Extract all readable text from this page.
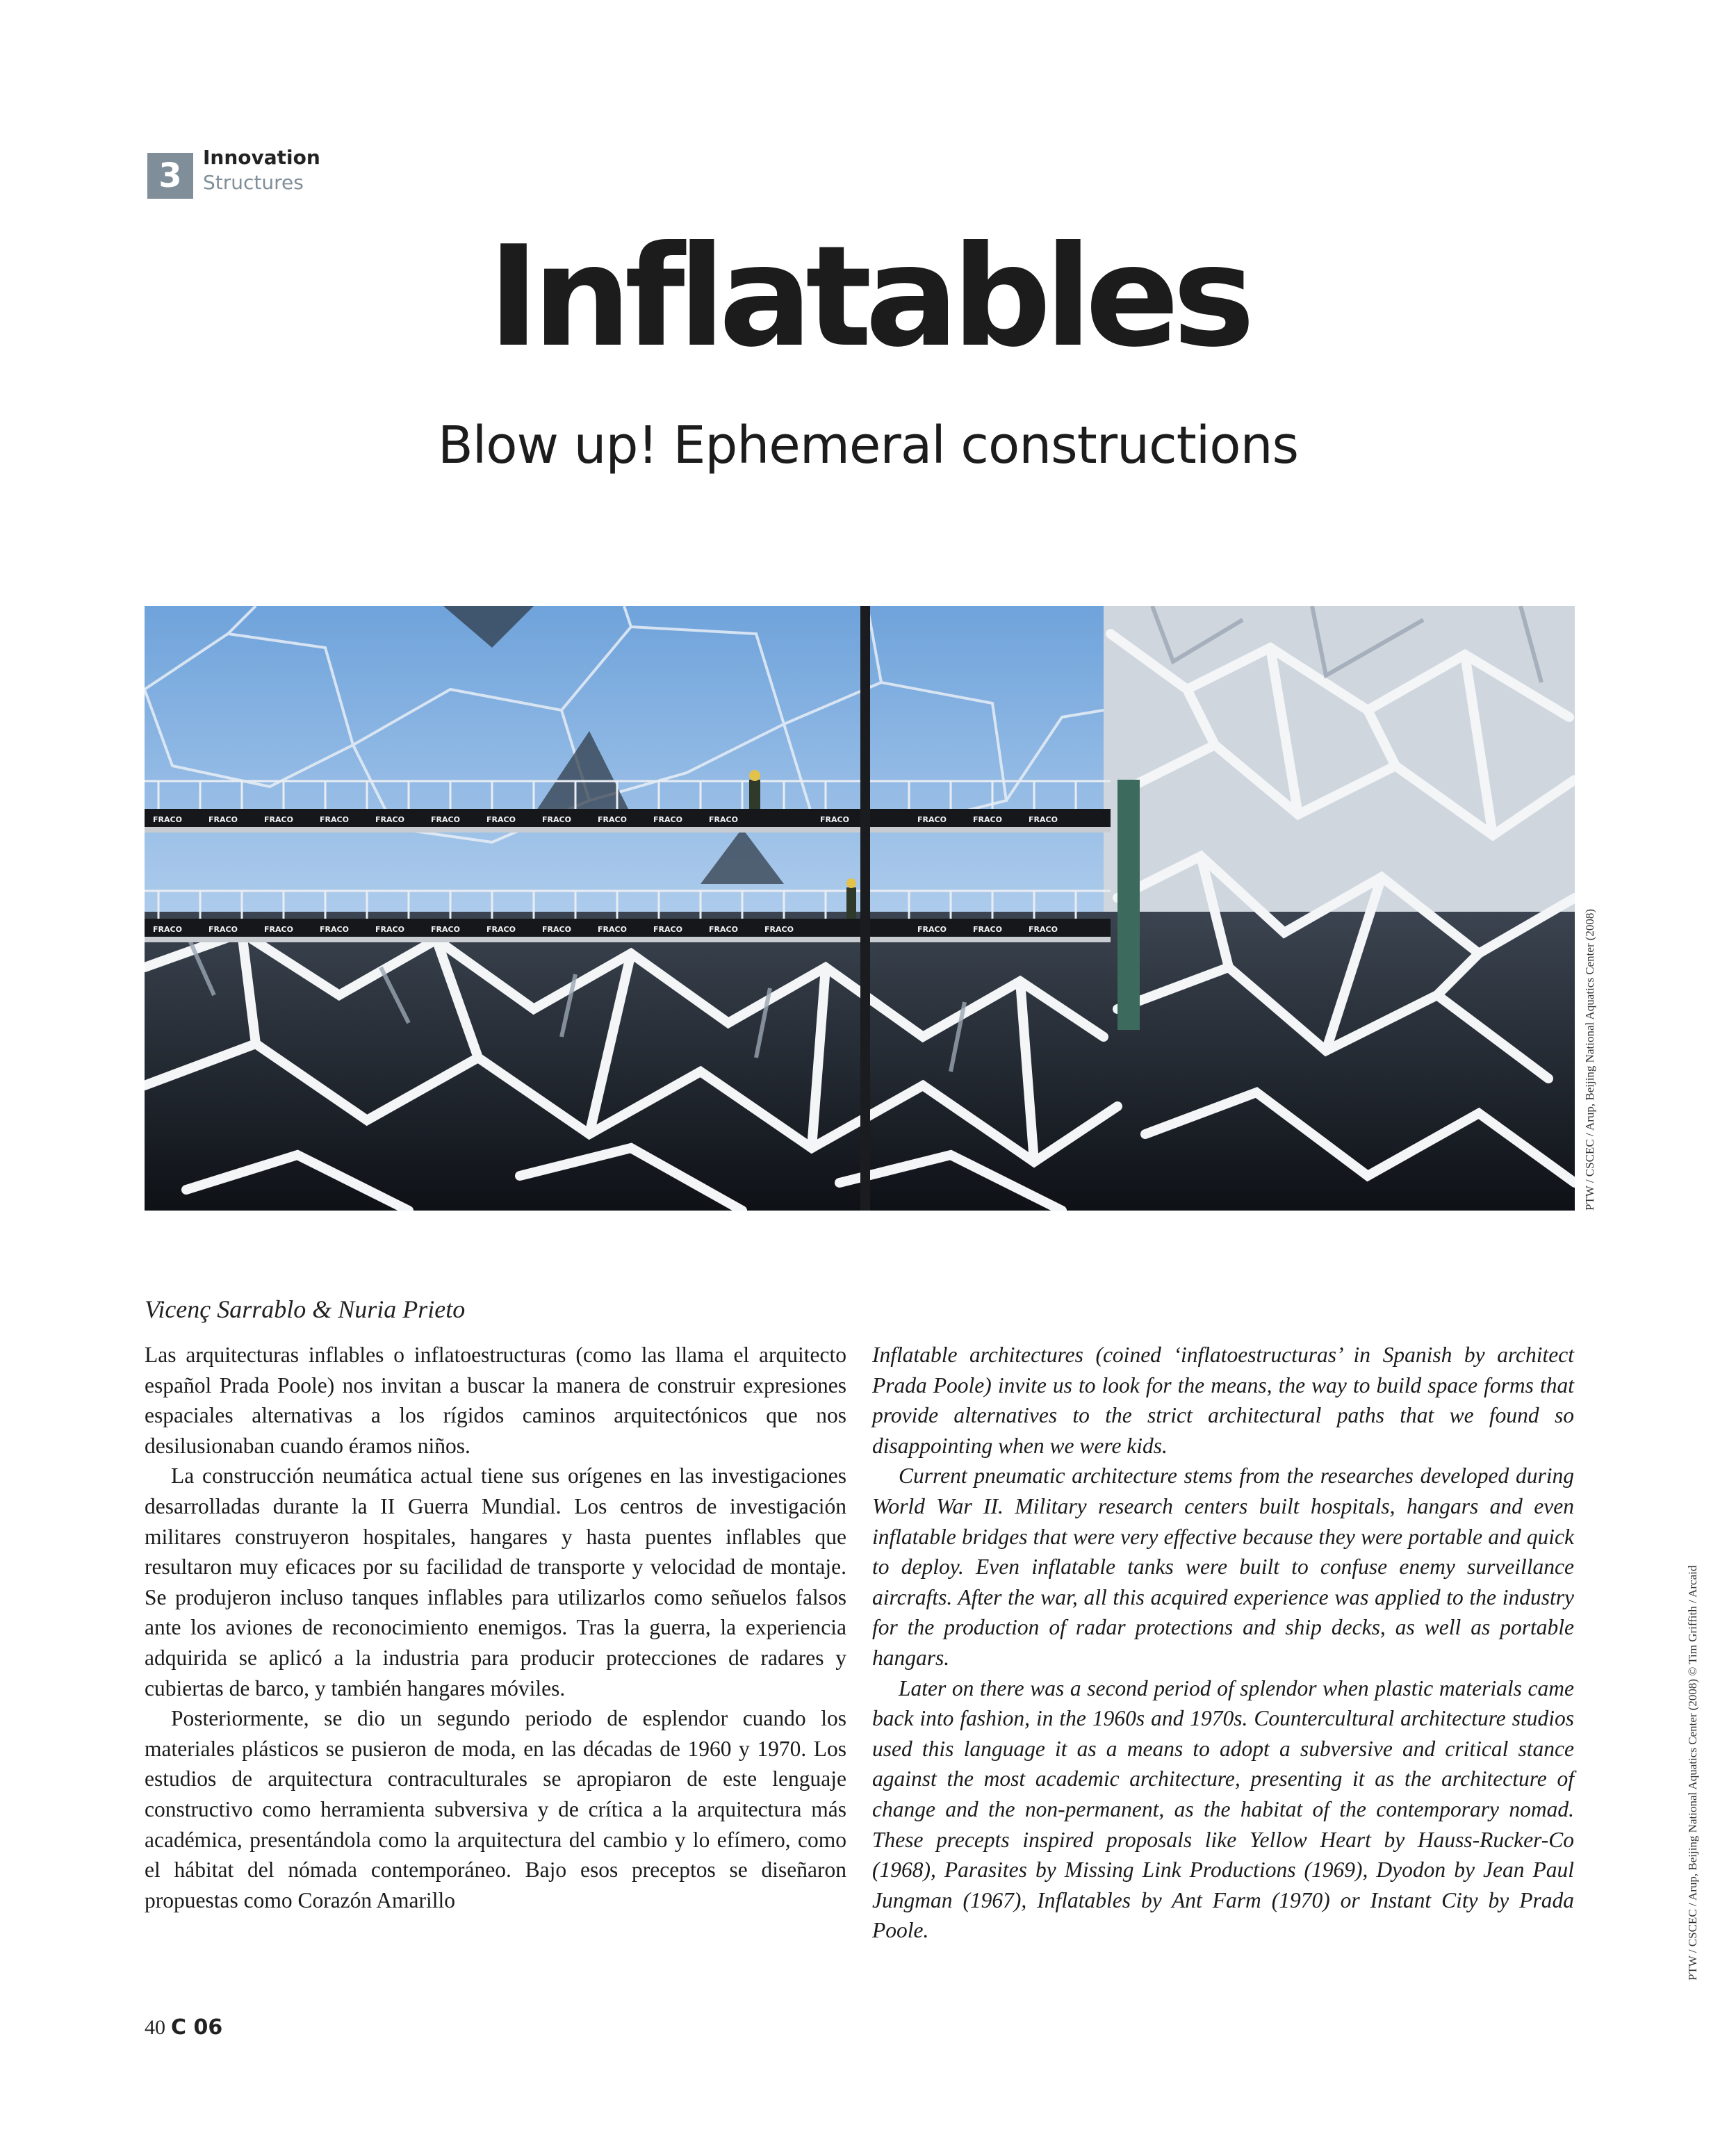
3	Innovation
Structures
Inflatables
Blow up! Ephemeral constructions
FRACO	FRACO	FRACO	FRACO	FRACO	FRACO	FRACO	FRACO	FRACO	FRACO	FRACO	FRACO	FRACO	FRACO	FRACO
FRACO	FRACO	FRACO	FRACO	FRACO	FRACO	FRACO	FRACO	FRACO	FRACO	FRACO	FRACO	FRACO	FRACO	FRACO	PTW / CSCEC / Arup, Beijing National Aquatics Center (2008)
PTW / CSCEC / Arup, Beijing National Aquatics Center (2008) © Tim Griffith / Arcaid
Vicenç Sarrablo & Nuria Prieto

Las arquitecturas inflables o inflatoestructuras (como las llama el arquitecto español Prada Poole) nos invitan a buscar la manera de construir expresiones espaciales alternativas a los rígidos caminos arquitectónicos que nos desilusionaban cuando éramos niños.

La construcción neumática actual tiene sus orígenes en las investigaciones desarrolladas durante la II Guerra Mundial. Los centros de investigación militares construyeron hospitales, hangares y hasta puentes inflables que resultaron muy eficaces por su facilidad de transporte y velocidad de montaje. Se produjeron incluso tanques inflables para utilizarlos como señuelos falsos ante los aviones de reconocimiento enemigos. Tras la guerra, la experiencia adquirida se aplicó a la industria para producir protecciones de radares y cubiertas de barco, y también hangares móviles.

Posteriormente, se dio un segundo periodo de esplendor cuando los materiales plásticos se pusieron de moda, en las décadas de 1960 y 1970. Los estudios de arquitectura contraculturales se apropiaron de este lenguaje constructivo como herramienta subversiva y de crítica a la arquitectura más académica, presentándola como la arquitectura del cambio y lo efímero, como el hábitat del nómada contemporáneo. Bajo esos preceptos se diseñaron propuestas como Corazón Amarillo

Inflatable architectures (coined ‘inflatoestructuras’ in Spanish by architect Prada Poole) invite us to look for the means, the way to build space forms that provide alternatives to the strict architectural paths that we found so disappointing when we were kids.

Current pneumatic architecture stems from the researches developed during World War II. Military research centers built hospitals, hangars and even inflatable bridges that were very effective because they were portable and quick to deploy. Even inflatable tanks were built to confuse enemy surveillance aircrafts. After the war, all this acquired experience was applied to the industry for the production of radar protections and ship decks, as well as portable hangars.

Later on there was a second period of splendor when plastic materials came back into fashion, in the 1960s and 1970s. Countercultural architecture studios used this language it as a means to adopt a subversive and critical stance against the most academic architecture, presenting it as the architecture of change and the non-permanent, as the habitat of the contemporary nomad. These precepts inspired proposals like Yellow Heart by Hauss-Rucker-Co (1968), Parasites by Missing Link Productions (1969), Dyodon by Jean Paul Jungman (1967), Inflatables by Ant Farm (1970) or Instant City by Prada Poole.

40 C 06
